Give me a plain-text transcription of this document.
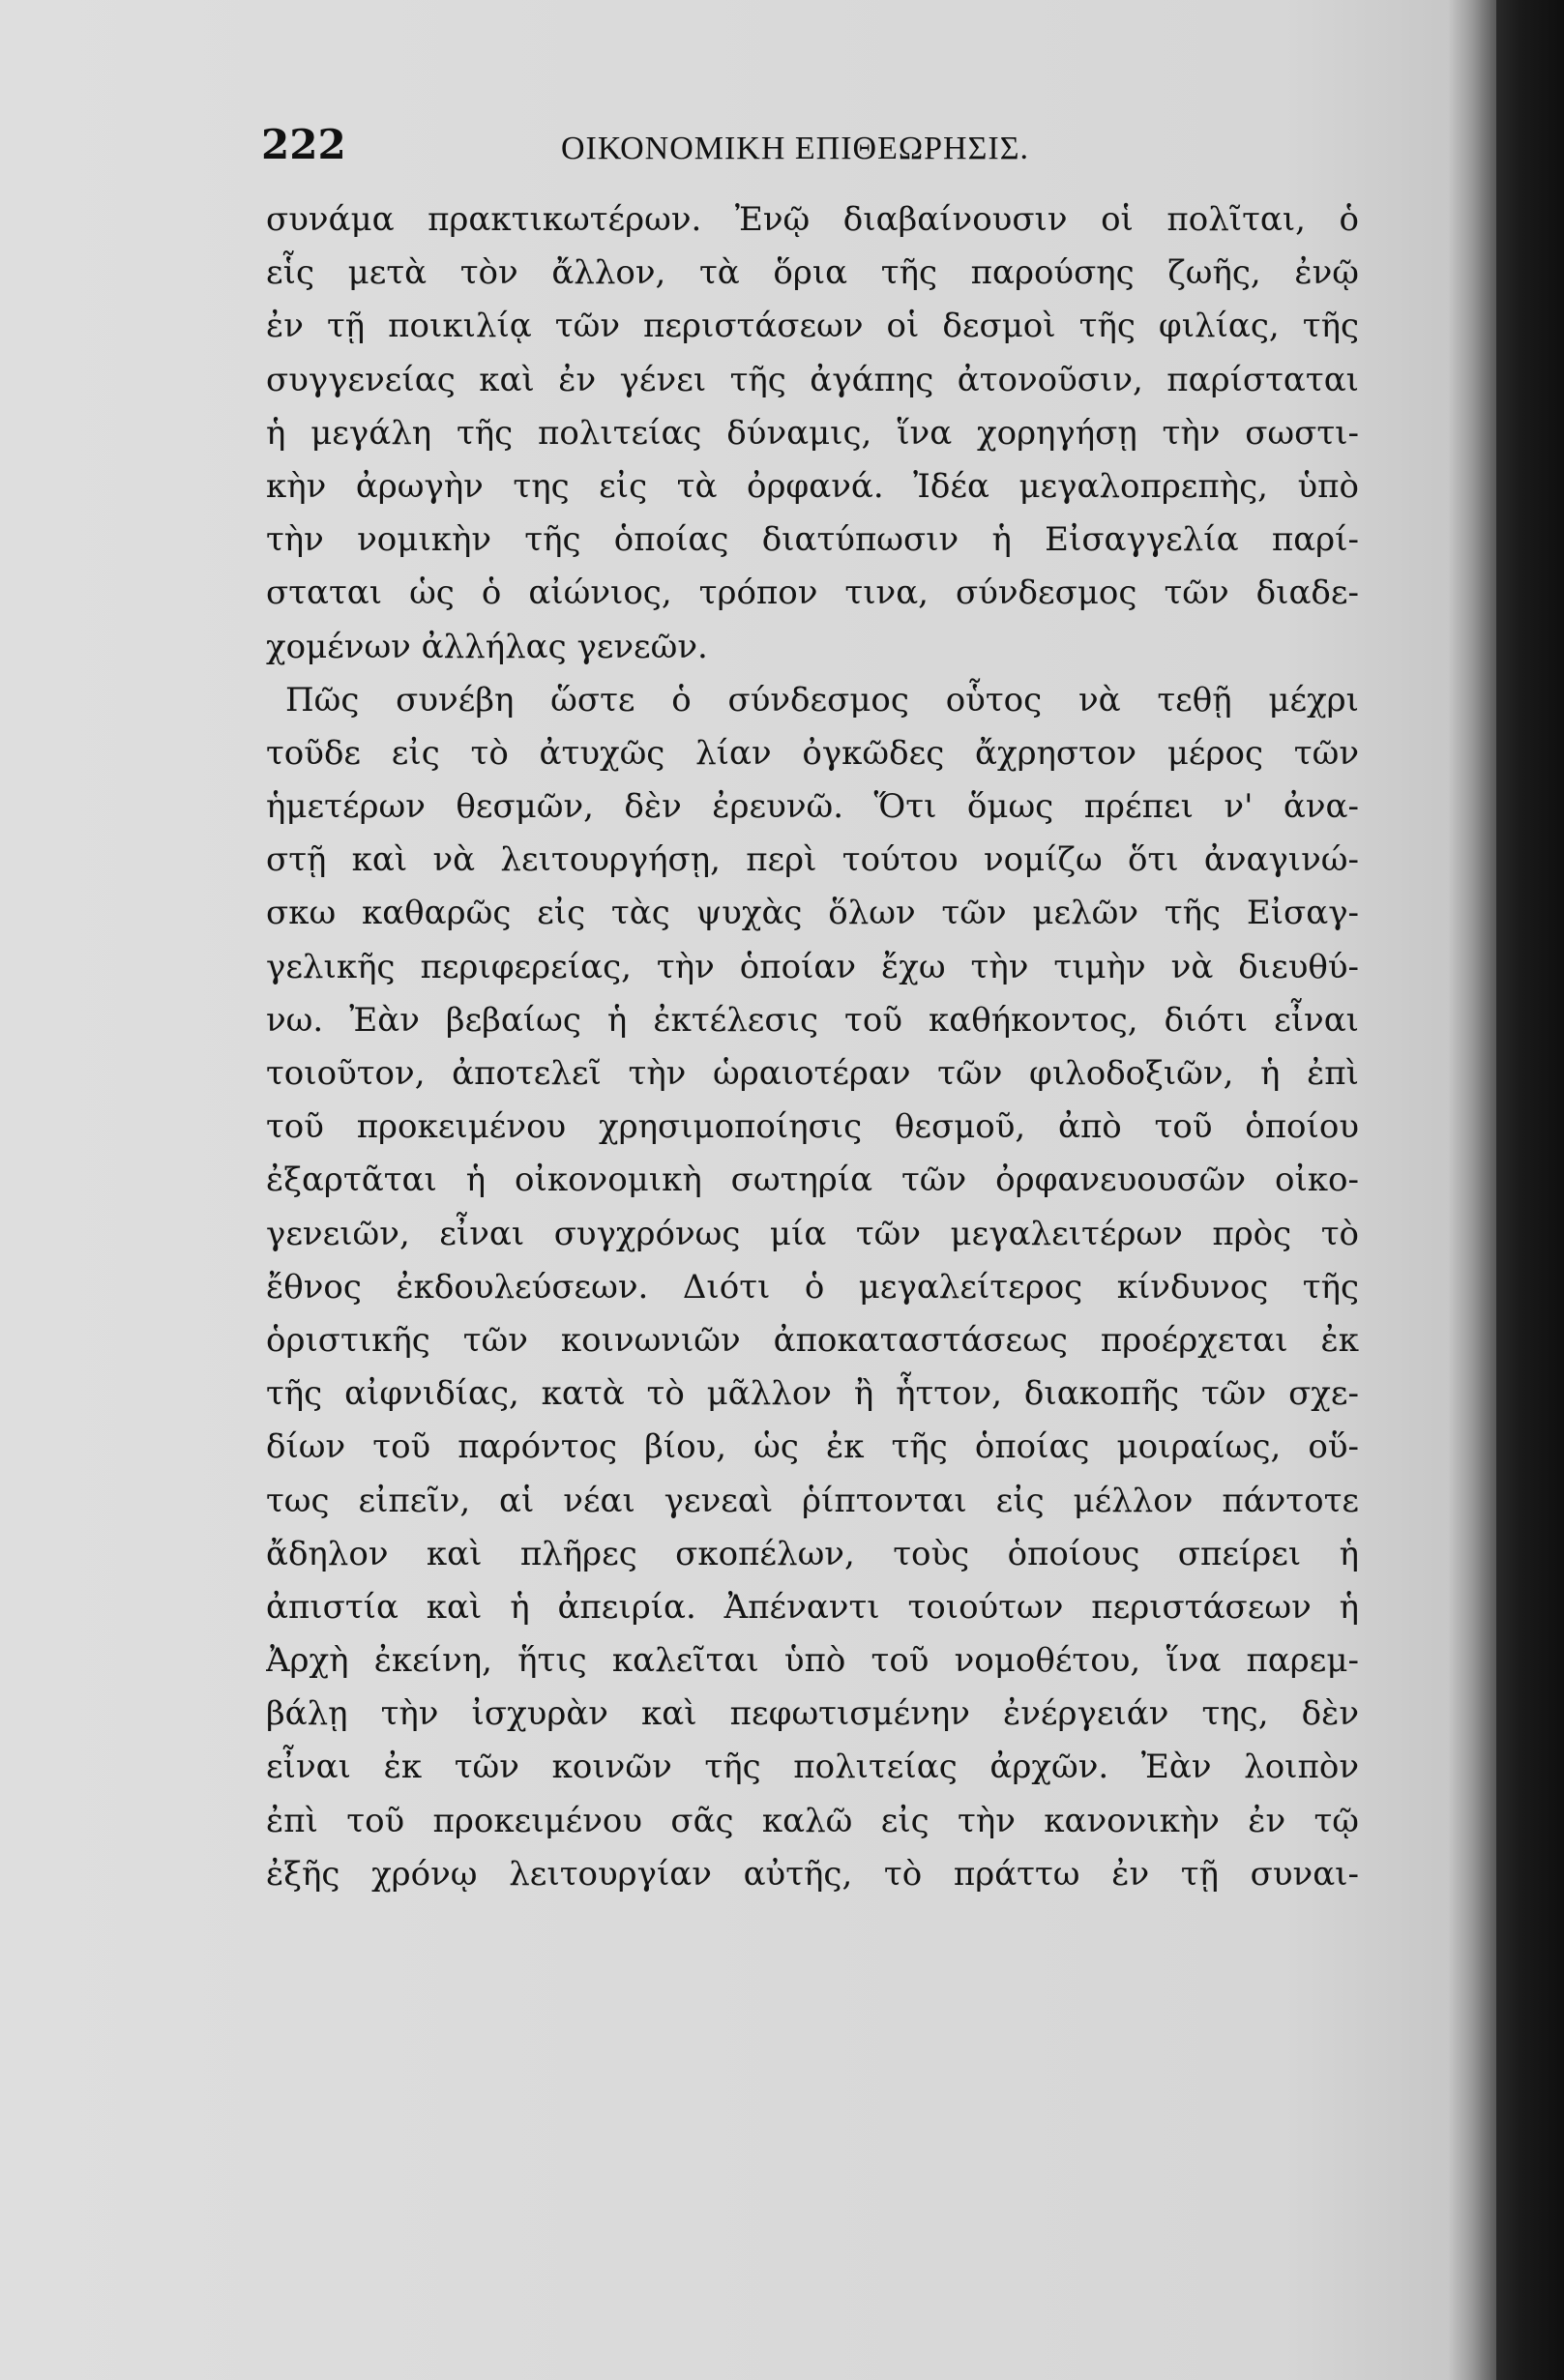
222	ΟΙΚΟΝΟΜΙΚΗ ΕΠΙΘΕΩΡΗΣΙΣ.
συνάμα πρακτικωτέρων. Ἐνῷ διαβαίνουσιν οἱ πολῖται, ὁ
εἷς μετὰ τὸν ἄλλον, τὰ ὅρια τῆς παρούσης ζωῆς, ἐνῷ
ἐν τῇ ποικιλίᾳ τῶν περιστάσεων οἱ δεσμοὶ τῆς φιλίας, τῆς
συγγενείας καὶ ἐν γένει τῆς ἀγάπης ἀτονοῦσιν, παρίσταται
ἡ μεγάλη τῆς πολιτείας δύναμις, ἵνα χορηγήσῃ τὴν σωστι-
κὴν ἀρωγὴν της εἰς τὰ ὀρφανά. Ἰδέα μεγαλοπρεπὴς, ὑπὸ
τὴν νομικὴν τῆς ὁποίας διατύπωσιν ἡ Εἰσαγγελία παρί-
σταται ὡς ὁ αἰώνιος, τρόπον τινα, σύνδεσμος τῶν διαδε-
χομένων ἀλλήλας γενεῶν.
Πῶς συνέβη ὥστε ὁ σύνδεσμος οὗτος νὰ τεθῇ μέχρι
τοῦδε εἰς τὸ ἀτυχῶς λίαν ὀγκῶδες ἄχρηστον μέρος τῶν
ἡμετέρων θεσμῶν, δὲν ἐρευνῶ. Ὅτι ὅμως πρέπει ν' ἀνα-
στῇ καὶ νὰ λειτουργήσῃ, περὶ τούτου νομίζω ὅτι ἀναγινώ-
σκω καθαρῶς εἰς τὰς ψυχὰς ὅλων τῶν μελῶν τῆς Εἰσαγ-
γελικῆς περιφερείας, τὴν ὁποίαν ἔχω τὴν τιμὴν νὰ διευθύ-
νω. Ἐὰν βεβαίως ἡ ἐκτέλεσις τοῦ καθήκοντος, διότι εἶναι
τοιοῦτον, ἀποτελεῖ τὴν ὡραιοτέραν τῶν φιλοδοξιῶν, ἡ ἐπὶ
τοῦ προκειμένου χρησιμοποίησις θεσμοῦ, ἀπὸ τοῦ ὁποίου
ἐξαρτᾶται ἡ οἰκονομικὴ σωτηρία τῶν ὀρφανευουσῶν οἰκο-
γενειῶν, εἶναι συγχρόνως μία τῶν μεγαλειτέρων πρὸς τὸ
ἔθνος ἐκδουλεύσεων. Διότι ὁ μεγαλείτερος κίνδυνος τῆς
ὁριστικῆς τῶν κοινωνιῶν ἀποκαταστάσεως προέρχεται ἐκ
τῆς αἰφνιδίας, κατὰ τὸ μᾶλλον ἢ ἧττον, διακοπῆς τῶν σχε-
δίων τοῦ παρόντος βίου, ὡς ἐκ τῆς ὁποίας μοιραίως, οὕ-
τως εἰπεῖν, αἱ νέαι γενεαὶ ῥίπτονται εἰς μέλλον πάντοτε
ἄδηλον καὶ πλῆρες σκοπέλων, τοὺς ὁποίους σπείρει ἡ
ἀπιστία καὶ ἡ ἀπειρία. Ἀπέναντι τοιούτων περιστάσεων ἡ
Ἀρχὴ ἐκείνη, ἥτις καλεῖται ὑπὸ τοῦ νομοθέτου, ἵνα παρεμ-
βάλῃ τὴν ἰσχυρὰν καὶ πεφωτισμένην ἐνέργειάν της, δὲν
εἶναι ἐκ τῶν κοινῶν τῆς πολιτείας ἀρχῶν. Ἐὰν λοιπὸν
ἐπὶ τοῦ προκειμένου σᾶς καλῶ εἰς τὴν κανονικὴν ἐν τῷ
ἐξῆς χρόνῳ λειτουργίαν αὐτῆς, τὸ πράττω ἐν τῇ συναι-
